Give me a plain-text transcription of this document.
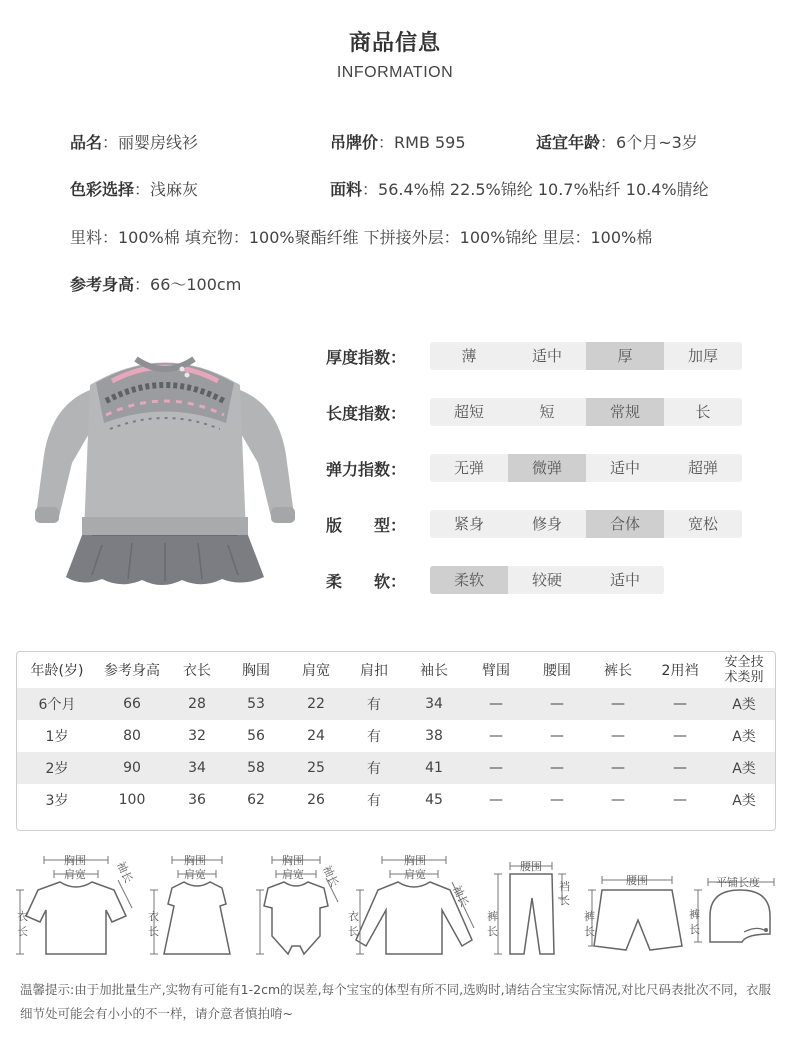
商品信息
INFORMATION
品名：丽婴房线衫	吊牌价：RMB 595	适宜年龄：6个月~3岁
色彩选择：浅麻灰	面料：56.4%棉 22.5%锦纶 10.7%粘纤 10.4%腈纶
里料：100%棉 填充物：100%聚酯纤维 下拼接外层：100%锦纶 里层：100%棉
参考身高：66～100cm
厚度指数：	薄	适中	厚	加厚
长度指数：	超短	短	常规	长
弹力指数：	无弹	微弹	适中	超弹
版　　型：	紧身	修身	合体	宽松
柔　　软：	柔软	较硬	适中
年龄(岁)	参考身高	衣长	胸围	肩宽	肩扣	袖长	臂围	腰围	裤长	2用裆	安全技
术类别
6个月	66	28	53	22	有	34	—	—	—	—	A类
1岁	80	32	56	24	有	38	—	—	—	—	A类
2岁	90	34	58	25	有	41	—	—	—	—	A类
3岁	100	36	62	26	有	45	—	—	—	—	A类
胸围
肩宽	袖长
衣
长
胸围
肩宽
衣
长
胸围
肩宽 袖长
胸围
肩宽
袖长
衣
长
腰围
裤
长
裆
长
腰围
裤
长
平铺长度
裤
长
温馨提示:由于加批量生产,实物有可能有1-2cm的误差,每个宝宝的体型有所不同,选购时,请结合宝宝实际情况,对比尺码表批次不同，衣服细节处可能会有小小的不一样，请介意者慎拍唷~
